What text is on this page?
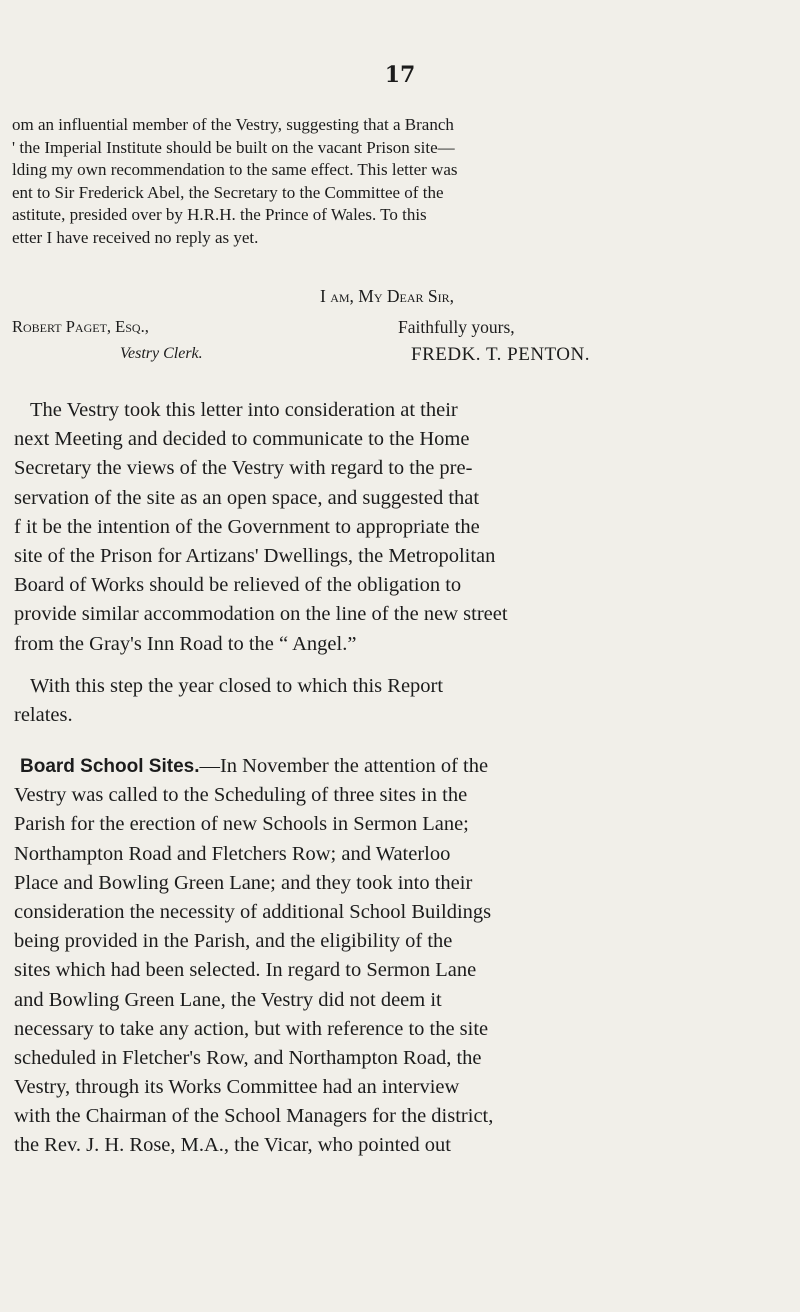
17
om an influential member of the Vestry, suggesting that a Branch
' the Imperial Institute should be built on the vacant Prison site—
lding my own recommendation to the same effect. This letter was
ent to Sir Frederick Abel, the Secretary to the Committee of the
astitute, presided over by H.R.H. the Prince of Wales. To this
etter I have received no reply as yet.
I am, My Dear Sir,
Robert Paget, Esq.,	Faithfully yours,
Vestry Clerk.	FREDK. T. PENTON.
The Vestry took this letter into consideration at their
next Meeting and decided to communicate to the Home
Secretary the views of the Vestry with regard to the pre-
servation of the site as an open space, and suggested that
f it be the intention of the Government to appropriate the
site of the Prison for Artizans' Dwellings, the Metropolitan
Board of Works should be relieved of the obligation to
provide similar accommodation on the line of the new street
from the Gray's Inn Road to the “ Angel.”
With this step the year closed to which this Report
relates.
Board School Sites.—In November the attention of the
Vestry was called to the Scheduling of three sites in the
Parish for the erection of new Schools in Sermon Lane;
Northampton Road and Fletchers Row; and Waterloo
Place and Bowling Green Lane; and they took into their
consideration the necessity of additional School Buildings
being provided in the Parish, and the eligibility of the
sites which had been selected. In regard to Sermon Lane
and Bowling Green Lane, the Vestry did not deem it
necessary to take any action, but with reference to the site
scheduled in Fletcher's Row, and Northampton Road, the
Vestry, through its Works Committee had an interview
with the Chairman of the School Managers for the district,
the Rev. J. H. Rose, M.A., the Vicar, who pointed out
